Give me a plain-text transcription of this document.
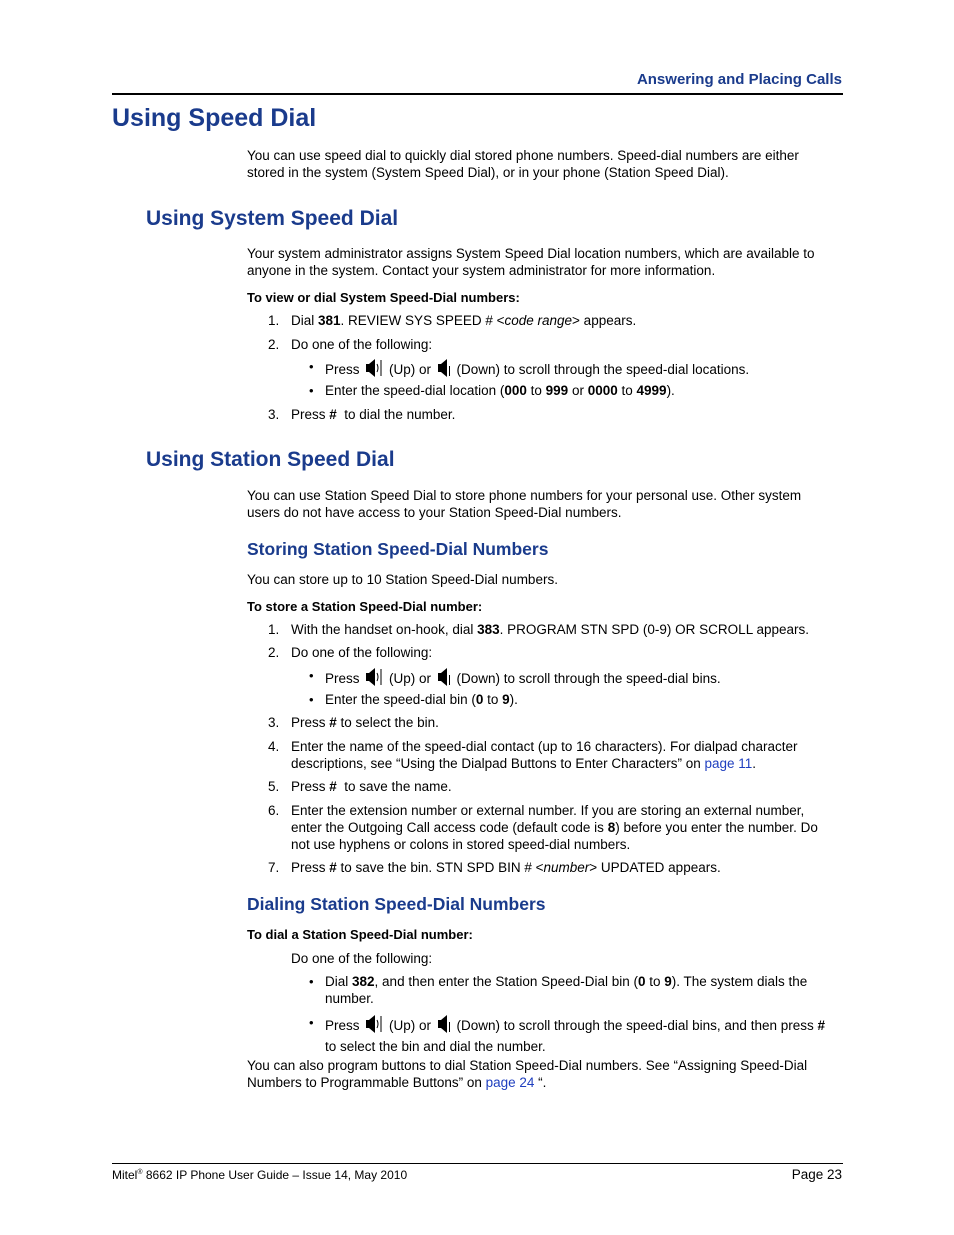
Answering and Placing Calls
Using Speed Dial
You can use speed dial to quickly dial stored phone numbers. Speed-dial numbers are either
stored in the system (System Speed Dial), or in your phone (Station Speed Dial).
Using System Speed Dial
Your system administrator assigns System Speed Dial location numbers, which are available to
anyone in the system. Contact your system administrator for more information.
To view or dial System Speed-Dial numbers:
1. Dial 381. REVIEW SYS SPEED # <code range> appears.
2. Do one of the following:
• Press  (Up) or  (Down) to scroll through the speed-dial locations.
• Enter the speed-dial location (000 to 999 or 0000 to 4999).
3. Press #  to dial the number.
Using Station Speed Dial
You can use Station Speed Dial to store phone numbers for your personal use. Other system
users do not have access to your Station Speed-Dial numbers.
Storing Station Speed-Dial Numbers
You can store up to 10 Station Speed-Dial numbers.
To store a Station Speed-Dial number:
1. With the handset on-hook, dial 383. PROGRAM STN SPD (0-9) OR SCROLL appears.
2. Do one of the following:
• Press  (Up) or  (Down) to scroll through the speed-dial bins.
• Enter the speed-dial bin (0 to 9).
3. Press # to select the bin.
4. Enter the name of the speed-dial contact (up to 16 characters). For dialpad character
descriptions, see “Using the Dialpad Buttons to Enter Characters” on page 11.
5. Press #  to save the name.
6. Enter the extension number or external number. If you are storing an external number,
enter the Outgoing Call access code (default code is 8) before you enter the number. Do
not use hyphens or colons in stored speed-dial numbers.
7. Press # to save the bin. STN SPD BIN # <number> UPDATED appears.
Dialing Station Speed-Dial Numbers
To dial a Station Speed-Dial number:
Do one of the following:
• Dial 382, and then enter the Station Speed-Dial bin (0 to 9). The system dials the
number.
• Press  (Up) or  (Down) to scroll through the speed-dial bins, and then press #
to select the bin and dial the number.
You can also program buttons to dial Station Speed-Dial numbers. See “Assigning Speed-Dial
Numbers to Programmable Buttons” on page 24 “.
Mitel® 8662 IP Phone User Guide – Issue 14, May 2010	Page 23
